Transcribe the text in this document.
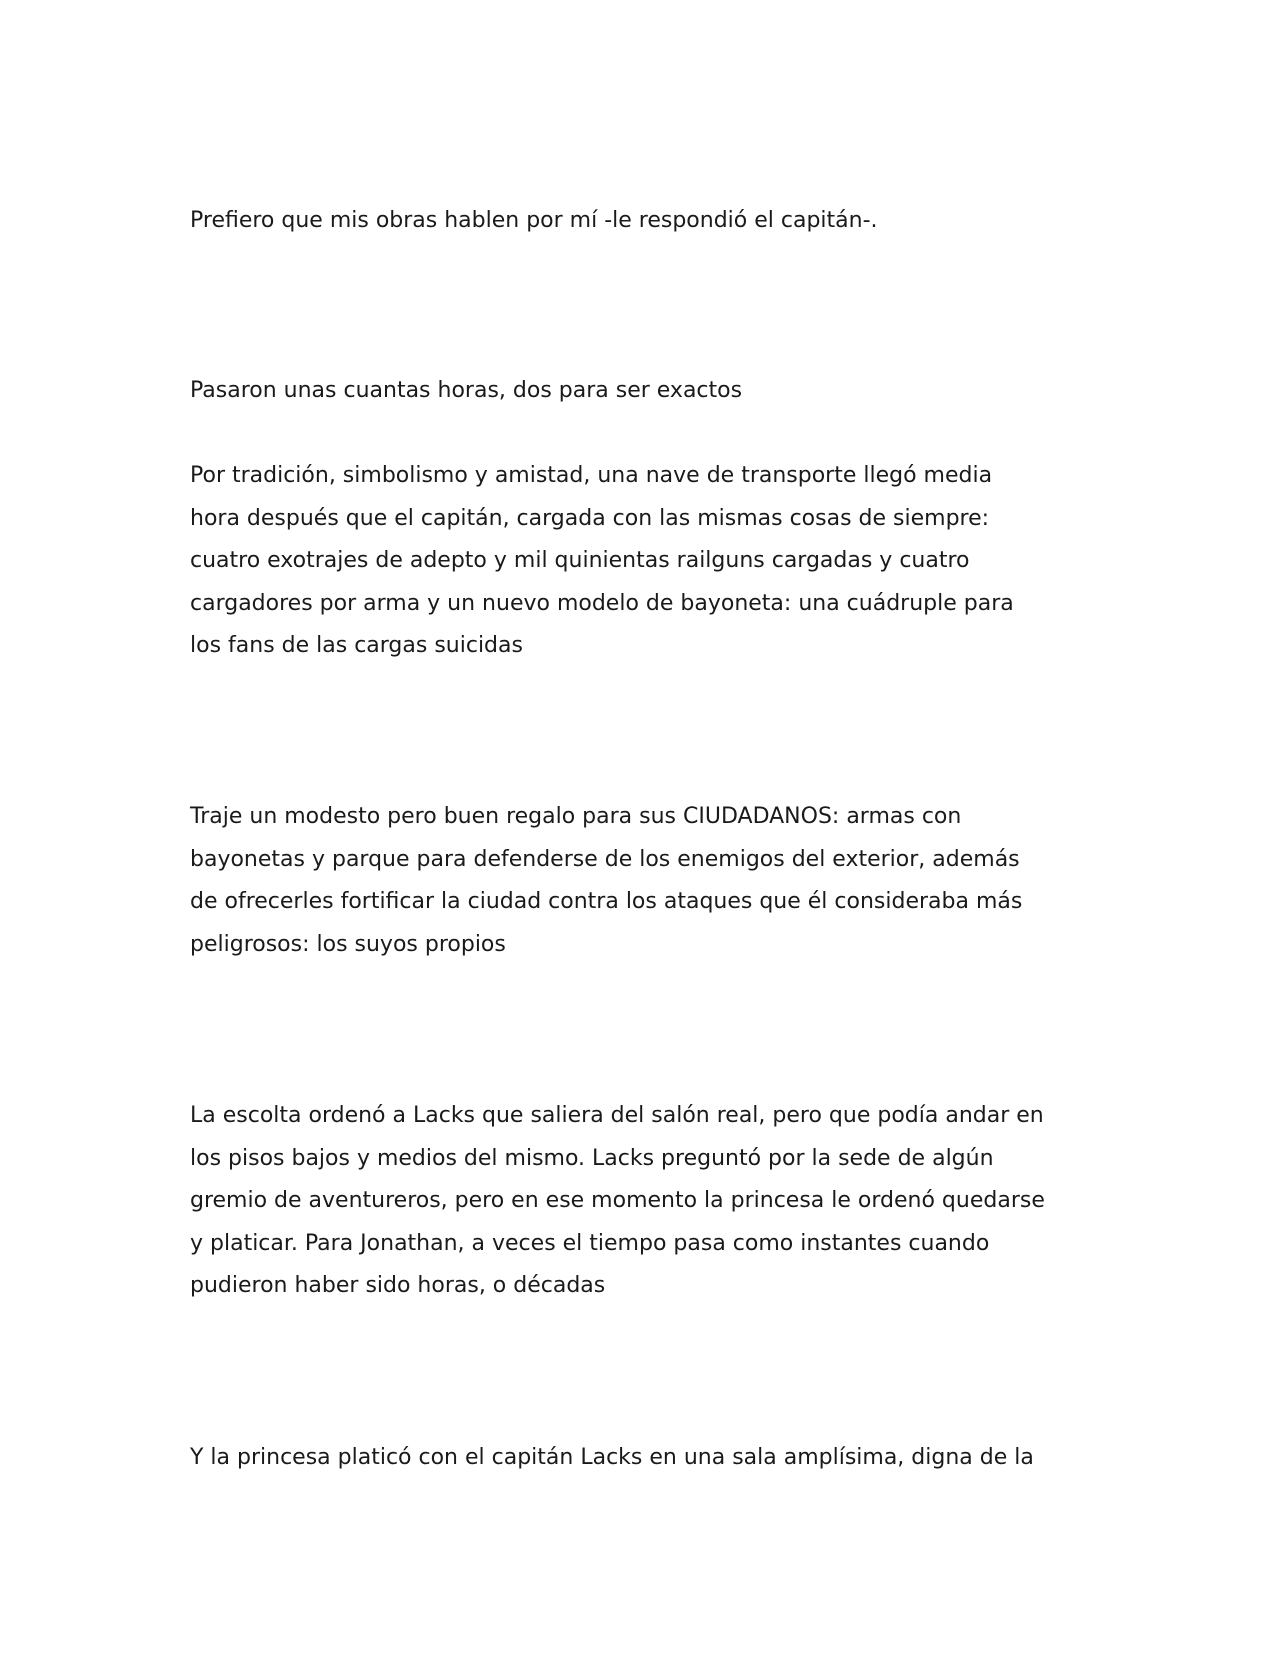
Prefiero que mis obras hablen por mí -le respondió el capitán-.

Pasaron unas cuantas horas, dos para ser exactos

Por tradición, simbolismo y amistad, una nave de transporte llegó media
hora después que el capitán, cargada con las mismas cosas de siempre:
cuatro exotrajes de adepto y mil quinientas railguns cargadas y cuatro
cargadores por arma y un nuevo modelo de bayoneta: una cuádruple para
los fans de las cargas suicidas

Traje un modesto pero buen regalo para sus CIUDADANOS: armas con
bayonetas y parque para defenderse de los enemigos del exterior, además
de ofrecerles fortificar la ciudad contra los ataques que él consideraba más
peligrosos: los suyos propios

La escolta ordenó a Lacks que saliera del salón real, pero que podía andar en
los pisos bajos y medios del mismo. Lacks preguntó por la sede de algún
gremio de aventureros, pero en ese momento la princesa le ordenó quedarse
y platicar. Para Jonathan, a veces el tiempo pasa como instantes cuando
pudieron haber sido horas, o décadas

Y la princesa platicó con el capitán Lacks en una sala amplísima, digna de la
